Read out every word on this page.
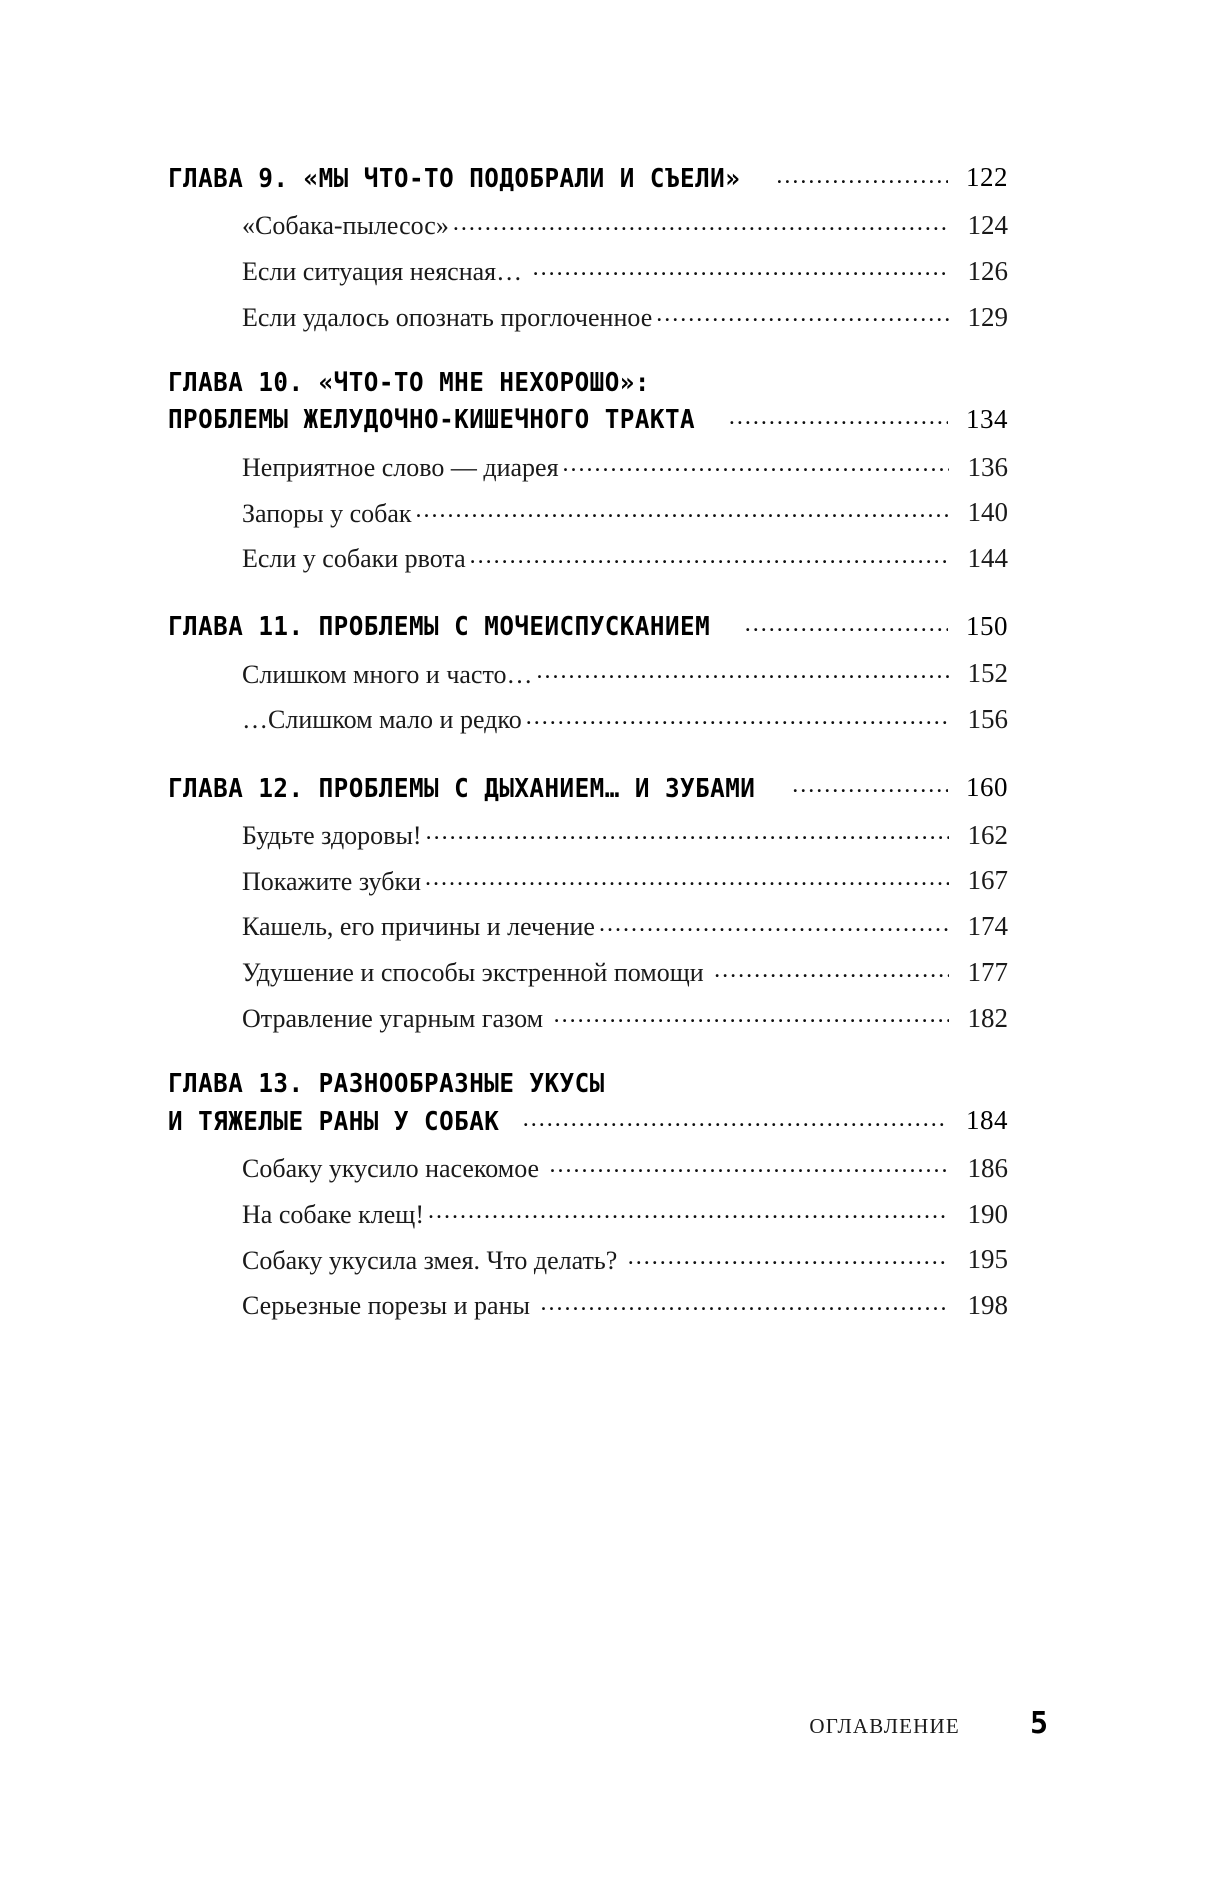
ГЛАВА 9. «МЫ ЧТО-ТО ПОДОБРАЛИ И СЪЕЛИ» .....	122
«Собака-пылесос» .....	124
Если ситуация неясная… .....	126
Если удалось опознать проглоченное .....	129
ГЛАВА 10. «ЧТО-ТО МНЕ НЕХОРОШО»:
ПРОБЛЕМЫ ЖЕЛУДОЧНО-КИШЕЧНОГО ТРАКТА .....	134
Неприятное слово — диарея .....	136
Запоры у собак .....	140
Если у собаки рвота .....	144
ГЛАВА 11. ПРОБЛЕМЫ С МОЧЕИСПУСКАНИЕМ .....	150
Слишком много и часто… .....	152
…Слишком мало и редко .....	156
ГЛАВА 12. ПРОБЛЕМЫ С ДЫХАНИЕМ… И ЗУБАМИ .....	160
Будьте здоровы! .....	162
Покажите зубки .....	167
Кашель, его причины и лечение .....	174
Удушение и способы экстренной помощи .....	177
Отравление угарным газом .....	182
ГЛАВА 13. РАЗНООБРАЗНЫЕ УКУСЫ
И ТЯЖЕЛЫЕ РАНЫ У СОБАК .....	184
Собаку укусило насекомое .....	186
На собаке клещ! .....	190
Собаку укусила змея. Что делать? .....	195
Серьезные порезы и раны .....	198
ОГЛАВЛЕНИЕ 5
